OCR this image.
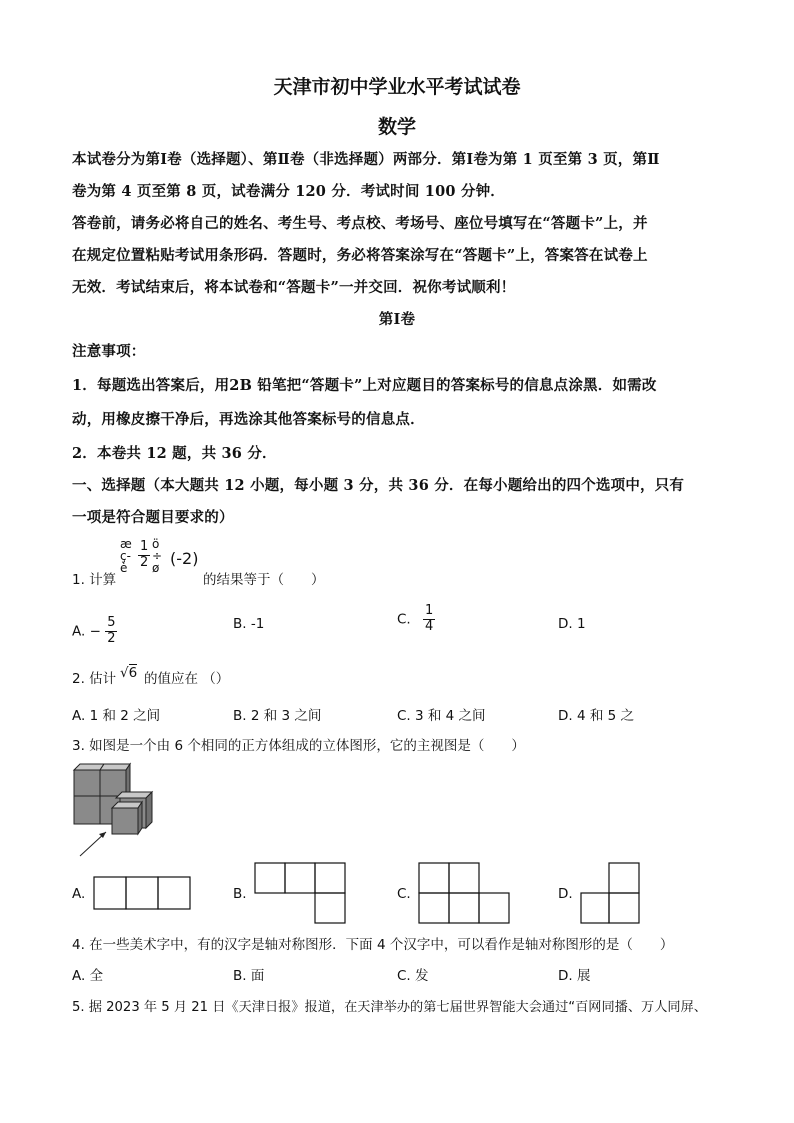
天津市初中学业水平考试试卷
数学
本试卷分为第Ⅰ卷（选择题）、第Ⅱ卷（非选择题）两部分．第Ⅰ卷为第 1 页至第 3 页，第Ⅱ
卷为第 4 页至第 8 页，试卷满分 120 分．考试时间 100 分钟．
答卷前，请务必将自己的姓名、考生号、考点校、考场号、座位号填写在“答题卡”上，并
在规定位置粘贴考试用条形码．答题时，务必将答案涂写在“答题卡”上，答案答在试卷上
无效．考试结束后，将本试卷和“答题卡”一并交回．祝你考试顺利！
第Ⅰ卷
注意事项：
1．每题选出答案后，用2B 铅笔把“答题卡”上对应题目的答案标号的信息点涂黑．如需改
动，用橡皮擦干净后，再选涂其他答案标号的信息点．
2．本卷共 12 题，共 36 分．
一、选择题（本大题共 12 小题，每小题 3 分，共 36 分．在每小题给出的四个选项中，只有
一项是符合题目要求的）
1. 计算
æ
ç-
è $\frac{1}{2}$ ö
÷
ø (-2)
的结果等于（　　）
A. − $\frac{5}{2}$	B. -1	C. $\frac{1}{4}$	D. 1
2. 估计 √6 的值应在 （）
A. 1 和 2 之间	B. 2 和 3 之间	C. 3 和 4 之间	D. 4 和 5 之
3. 如图是一个由 6 个相同的正方体组成的立体图形，它的主视图是（　　）
A.	B.	C.	D.
4. 在一些美术字中，有的汉字是轴对称图形．下面 4 个汉字中，可以看作是轴对称图形的是（　　）
A. 全	B. 面	C. 发	D. 展
5. 据 2023 年 5 月 21 日《天津日报》报道，在天津举办的第七届世界智能大会通过“百网同播、万人同屏、
